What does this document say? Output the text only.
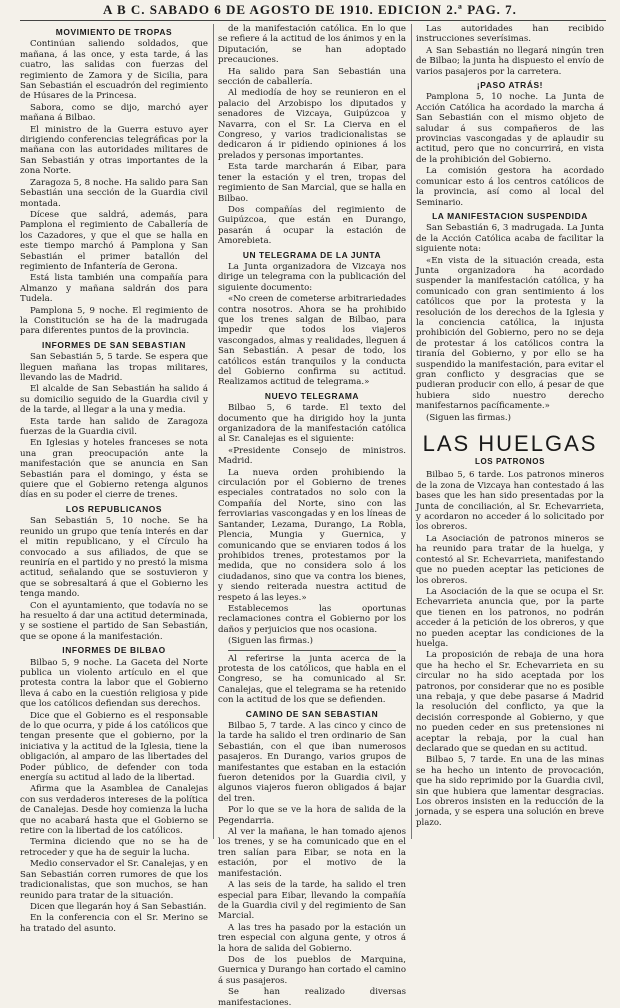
A B C. SABADO 6 DE AGOSTO DE 1910. EDICION 2.ª PAG. 7.
MOVIMIENTO DE TROPAS
Continúan saliendo soldados, que mañana, á las once, y esta tarde, á las cuatro, las salidas con fuerzas del regimiento de Zamora y de Sicilia, para San Sebastián el escuadrón del regimiento de Húsares de la Princesa.
Sabora, como se dijo, marchó ayer mañana á Bilbao.
El ministro de la Guerra estuvo ayer dirigiendo conferencias telegráficas por la mañana con las autoridades militares de San Sebastián y otras importantes de la zona Norte.
Zaragoza 5, 8 noche. Ha salido para San Sebastián una sección de la Guardia civil montada.
Dícese que saldrá, además, para Pamplona el regimiento de Caballería de los Cazadores, y que el que se halla en este tiempo marchó á Pamplona y San Sebastián el primer batallón del regimiento de Infantería de Gerona.
Está lista también una compañía para Almanzo y mañana saldrán dos para Tudela.
Pamplona 5, 9 noche. El regimiento de la Constitución se ha de la madrugada para diferentes puntos de la provincia.
INFORMES DE SAN SEBASTIAN
San Sebastián 5, 5 tarde. Se espera que lleguen mañana las tropas militares, llevando las de Madrid.
El alcalde de San Sebastián ha salido á su domicilio seguido de la Guardia civil y de la tarde, al llegar a la una y media.
Esta tarde han salido de Zaragoza fuerzas de la Guardia civil.
En Iglesias y hoteles franceses se nota una gran preocupación ante la manifestación que se anuncia en San Sebastián para el domingo, y ésta se quiere que el Gobierno retenga algunos días en su poder el cierre de trenes.
LOS REPUBLICANOS
San Sebastián 5, 10 noche. Se ha reunido un grupo que tenía interés en dar el mitin republicano, y el Círculo ha convocado a sus afiliados, de que se reuniría en el partido y no prestó la misma actitud, señalando que se sostuvieron y que se sobresaltará á que el Gobierno les tenga mando.
Con el ayuntamiento, que todavía no se ha resuelto á dar una actitud determinada, y se sostiene el partido de San Sebastián, que se opone á la manifestación.
INFORMES DE BILBAO
Bilbao 5, 9 noche. La Gaceta del Norte publica un violento artículo en el que protesta contra la labor que el Gobierno lleva á cabo en la cuestión religiosa y pide que los católicos defiendan sus derechos.
Dice que el Gobierno es el responsable de lo que ocurra, y pide á los católicos que tengan presente que el gobierno, por la iniciativa y la actitud de la Iglesia, tiene la obligación, al amparo de las libertades del Poder público, de defender con toda energía su actitud al lado de la libertad.
Afirma que la Asamblea de Canalejas con sus verdaderos intereses de la política de Canalejas. Desde hoy comienza la lucha que no acabará hasta que el Gobierno se retire con la libertad de los católicos.
Termina diciendo que no se ha de retroceder y que ha de seguir la lucha.
Medio conservador el Sr. Canalejas, y en San Sebastián corren rumores de que los tradicionalistas, que son muchos, se han reunido para tratar de la situación.
Dicen que llegarán hoy á San Sebastián.
En la conferencia con el Sr. Merino se ha tratado del asunto.
de la manifestación católica. En lo que se refiere á la actitud de los ánimos y en la Diputación, se han adoptado precauciones.
Ha salido para San Sebastián una sección de caballería.
Al mediodía de hoy se reunieron en el palacio del Arzobispo los diputados y senadores de Vizcaya, Guipúzcoa y Navarra, con el Sr. La Cierva en el Congreso, y varios tradicionalistas se dedicaron á ir pidiendo opiniones á los prelados y personas importantes.
Esta tarde marcharán á Eibar, para tener la estación y el tren, tropas del regimiento de San Marcial, que se halla en Bilbao.
Dos compañías del regimiento de Guipúzcoa, que están en Durango, pasarán á ocupar la estación de Amorebieta.
UN TELEGRAMA DE LA JUNTA
La Junta organizadora de Vizcaya nos dirige un telegrama con la publicación del siguiente documento:
«No creen de cometerse arbitrariedades contra nosotros. Ahora se ha prohibido que los trenes salgan de Bilbao, para impedir que todos los viajeros vascongados, almas y realidades, lleguen á San Sebastián. A pesar de todo, los católicos están tranquilos y la conducta del Gobierno confirma su actitud. Realizamos actitud de telegrama.»
NUEVO TELEGRAMA
Bilbao 5, 6 tarde. El texto del documento que ha dirigido hoy la junta organizadora de la manifestación católica al Sr. Canalejas es el siguiente:
«Presidente Consejo de ministros. Madrid.
La nueva orden prohibiendo la circulación por el Gobierno de trenes especiales contratados no solo con la Compañía del Norte, sino con las ferroviarias vascongadas y en los líneas de Santander, Lezama, Durango, La Robla, Plencia, Mungia y Guernica, y comunicando que se enviaren todos á los prohibidos trenes, protestamos por la medida, que no considera solo á los ciudadanos, sino que va contra los bienes, y siendo reiterada nuestra actitud de respeto á las leyes.»
Establecemos las oportunas reclamaciones contra el Gobierno por los daños y perjuicios que nos ocasiona.
(Siguen las firmas.)
Al referirse la junta acerca de la protesta de los católicos, que habla en el Congreso, se ha comunicado al Sr. Canalejas, que el telegrama se ha retenido con la actitud de los que se defienden.
CAMINO DE SAN SEBASTIAN
Bilbao 5, 7 tarde. A las cinco y cinco de la tarde ha salido el tren ordinario de San Sebastián, con el que iban numerosos pasajeros. En Durango, varios grupos de manifestantes que estaban en la estación fueron detenidos por la Guardia civil, y algunos viajeros fueron obligados á bajar del tren.
Por lo que se ve la hora de salida de la Pegendarria.
Al ver la mañana, le han tomado ajenos los trenes, y se ha comunicado que en el tren salían para Eibar, se nota en la estación, por el motivo de la manifestación.
A las seis de la tarde, ha salido el tren especial para Eibar, llevando la compañía de la Guardia civil y del regimiento de San Marcial.
A las tres ha pasado por la estación un tren especial con alguna gente, y otros á la hora de salida del Gobierno.
Dos de los pueblos de Marquina, Guernica y Durango han cortado el camino á sus pasajeros.
Se han realizado diversas manifestaciones.
Las autoridades han recibido instrucciones severísimas.
A San Sebastián no llegará ningún tren de Bilbao; la junta ha dispuesto el envío de varios pasajeros por la carretera.
¡PASO ATRÁS!
Pamplona 5, 10 noche. La Junta de Acción Católica ha acordado la marcha á San Sebastián con el mismo objeto de saludar á sus compañeros de las provincias vascongadas y de aplaudir su actitud, pero que no concurrirá, en vista de la prohibición del Gobierno.
La comisión gestora ha acordado comunicar esto á los centros católicos de la provincia, así como al local del Seminario.
LA MANIFESTACION SUSPENDIDA
San Sebastián 6, 3 madrugada. La Junta de la Acción Católica acaba de facilitar la siguiente nota:
«En vista de la situación creada, esta Junta organizadora ha acordado suspender la manifestación católica, y ha comunicado con gran sentimiento á los católicos que por la protesta y la resolución de los derechos de la Iglesia y la conciencia católica, la injusta prohibición del Gobierno, pero no se deja de protestar á los católicos contra la tiranía del Gobierno, y por ello se ha suspendido la manifestación, para evitar el gran conflicto y desgracias que se pudieran producir con ello, á pesar de que hubiera sido nuestro derecho manifestarnos pacíficamente.»
(Siguen las firmas.)
LAS HUELGAS
LOS PATRONOS
Bilbao 5, 6 tarde. Los patronos mineros de la zona de Vizcaya han contestado á las bases que les han sido presentadas por la Junta de conciliación, al Sr. Echevarrieta, y acordaron no acceder á lo solicitado por los obreros.
La Asociación de patronos mineros se ha reunido para tratar de la huelga, y contestó al Sr. Echevarrieta, manifestando que no pueden aceptar las peticiones de los obreros.
La Asociación de la que se ocupa el Sr. Echevarrieta anuncia que, por la parte que tienen en los patronos, no podrán acceder á la petición de los obreros, y que no pueden aceptar las condiciones de la huelga.
La proposición de rebaja de una hora que ha hecho el Sr. Echevarrieta en su circular no ha sido aceptada por los patronos, por considerar que no es posible una rebaja, y que debe pasarse á Madrid la resolución del conflicto, ya que la decisión corresponde al Gobierno, y que no pueden ceder en sus pretensiones ni aceptar la rebaja, por la cual han declarado que se quedan en su actitud.
Bilbao 5, 7 tarde. En una de las minas se ha hecho un intento de provocación, que ha sido reprimido por la Guardia civil, sin que hubiera que lamentar desgracias. Los obreros insisten en la reducción de la jornada, y se espera una solución en breve plazo.
